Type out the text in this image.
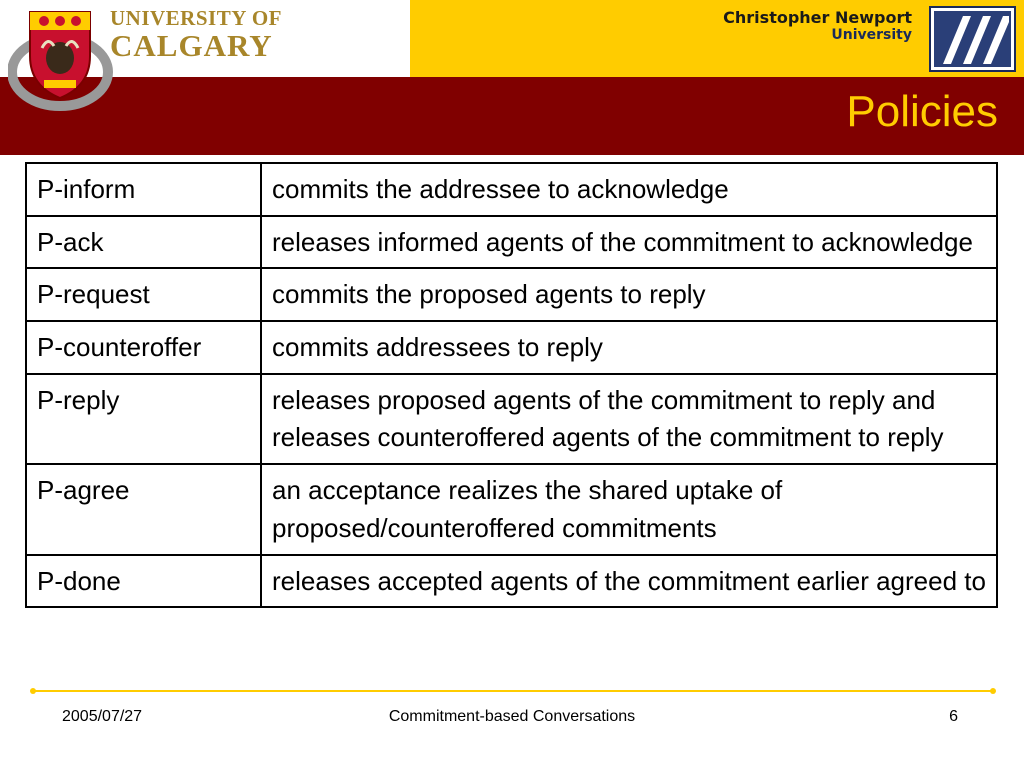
UNIVERSITY OF
CALGARY
Christopher Newport
University
Policies
P-inform	commits the addressee to acknowledge
P-ack	releases informed agents of the commitment to acknowledge
P-request	commits the proposed agents to reply
P-counteroffer	commits addressees to reply
P-reply	releases proposed agents of the commitment to reply and releases counteroffered agents of the commitment to reply
P-agree	an acceptance realizes the shared uptake of proposed/counteroffered commitments
P-done	releases accepted agents of the commitment earlier agreed to
2005/07/27	Commitment-based Conversations	6
